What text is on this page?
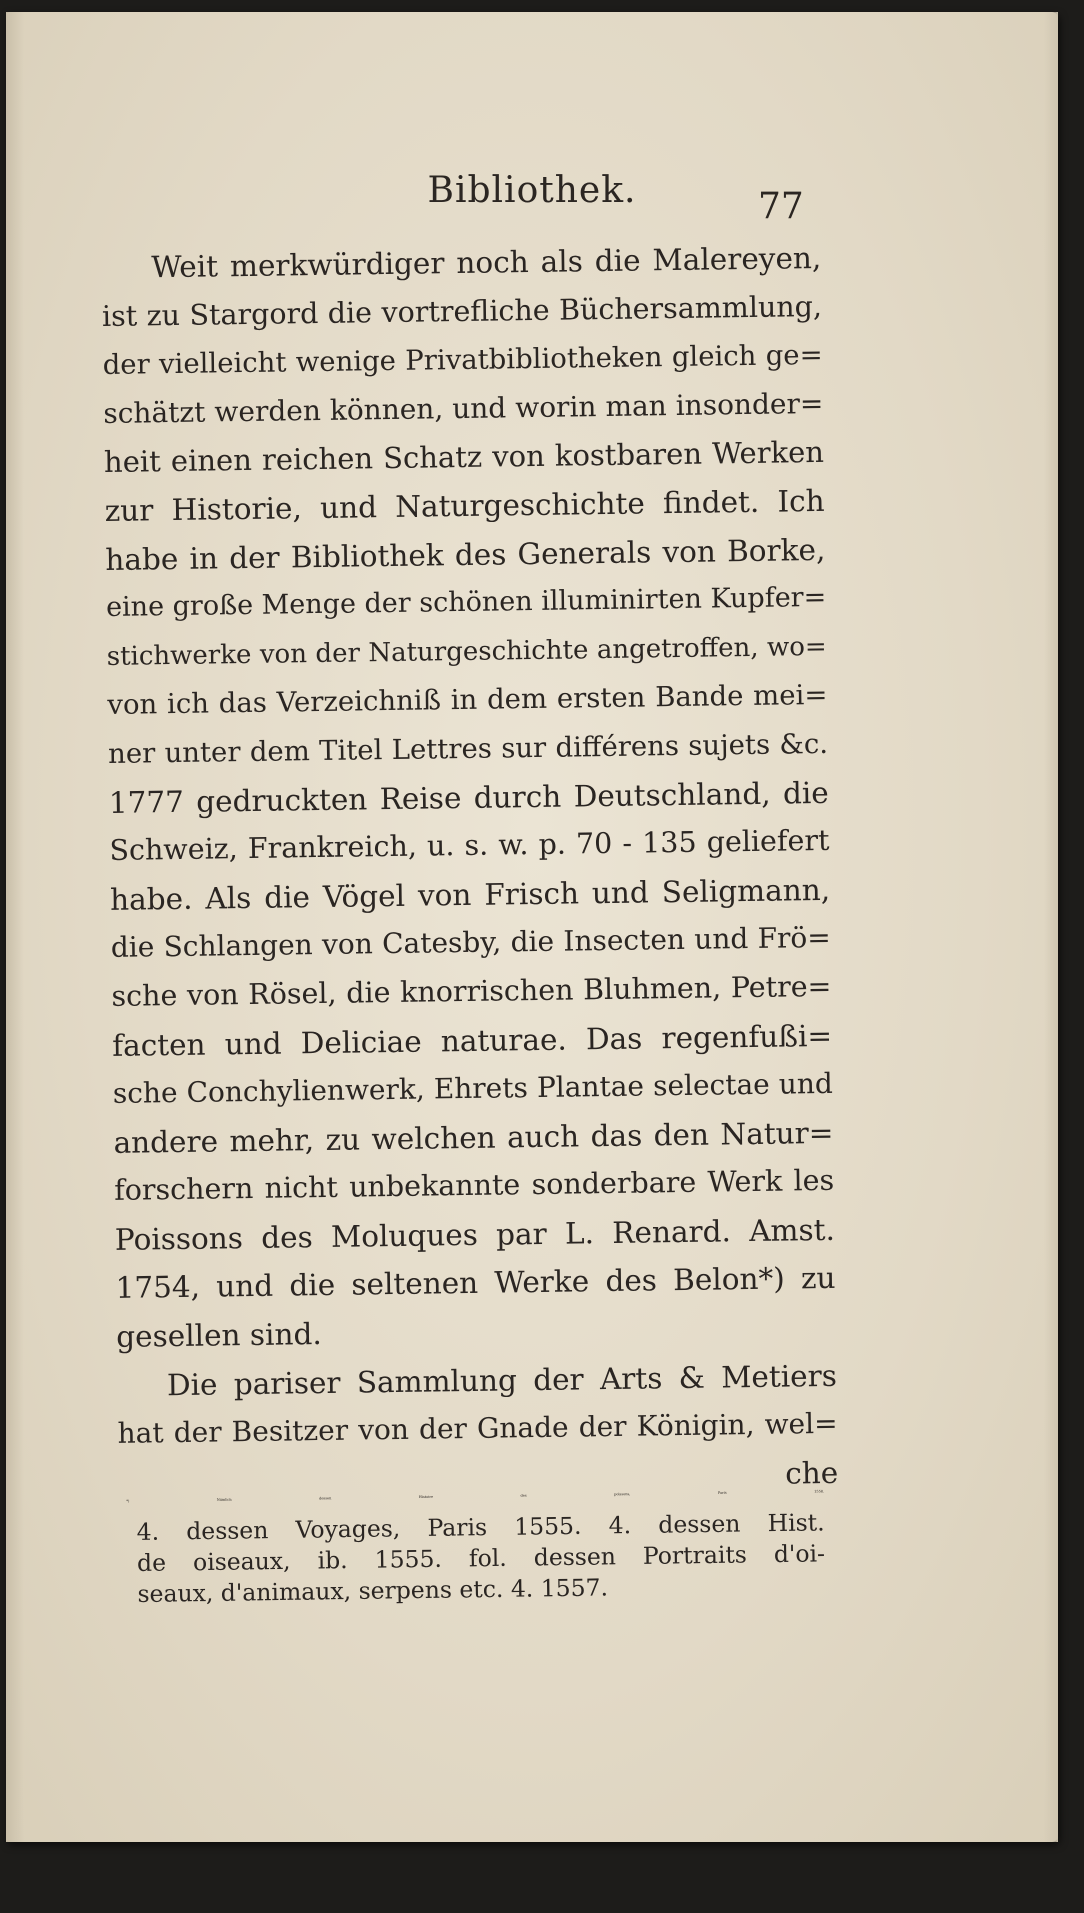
Bibliothek.	77
Weit merkwürdiger noch als die Malereyen,
ist zu Stargord die vortrefliche Büchersammlung,
der vielleicht wenige Privatbibliotheken gleich ge=
schätzt werden können, und worin man insonder=
heit einen reichen Schatz von kostbaren Werken
zur Historie, und Naturgeschichte findet. Ich
habe in der Bibliothek des Generals von Borke,
eine große Menge der schönen illuminirten Kupfer=
stichwerke von der Naturgeschichte angetroffen, wo=
von ich das Verzeichniß in dem ersten Bande mei=
ner unter dem Titel Lettres sur différens sujets &c.
1777 gedruckten Reise durch Deutschland, die
Schweiz, Frankreich, u. s. w. p. 70 - 135 geliefert
habe. Als die Vögel von Frisch und Seligmann,
die Schlangen von Catesby, die Insecten und Frö=
sche von Rösel, die knorrischen Bluhmen, Petre=
facten und Deliciae naturae. Das regenfußi=
sche Conchylienwerk, Ehrets Plantae selectae und
andere mehr, zu welchen auch das den Natur=
forschern nicht unbekannte sonderbare Werk les
Poissons des Moluques par L. Renard. Amst.
1754, und die seltenen Werke des Belon*) zu
gesellen sind.
Die pariser Sammlung der Arts & Metiers
hat der Besitzer von der Gnade der Königin, wel=
che
*) Nämlich dessen Histoire des poissons, Paris 1558.
4. dessen Voyages, Paris 1555. 4. dessen Hist.
de oiseaux, ib. 1555. fol. dessen Portraits d'oi-
seaux, d'animaux, serpens etc. 4. 1557.
